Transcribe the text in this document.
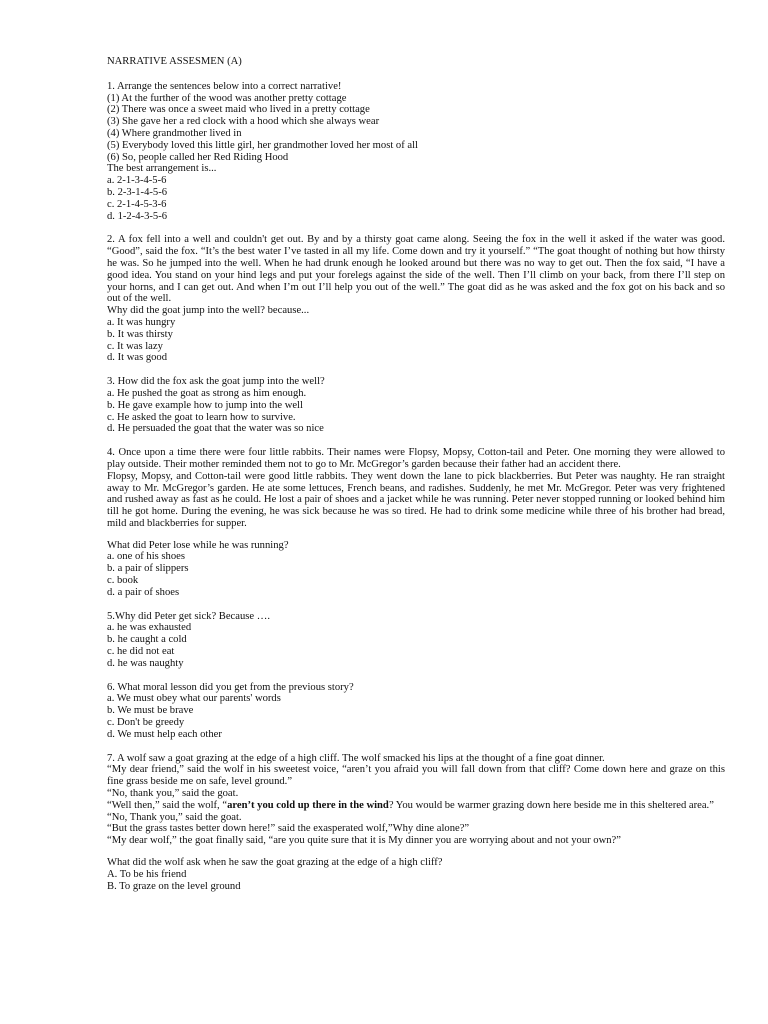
NARRATIVE ASSESMEN (A)
1. Arrange the sentences below into a correct narrative!
(1) At the further of the wood was another pretty cottage
(2) There was once a sweet maid who lived in a pretty cottage
(3) She gave her a red clock with a hood which she always wear
(4) Where grandmother lived in
(5) Everybody loved this little girl, her grandmother loved her most of all
(6) So, people called her Red Riding Hood
The best arrangement is...
a. 2-1-3-4-5-6
b. 2-3-1-4-5-6
c. 2-1-4-5-3-6
d. 1-2-4-3-5-6
2. A fox fell into a well and couldn't get out. By and by a thirsty goat came along. Seeing the fox in the well it asked if the water was good. “Good”, said the fox. “It’s the best water I’ve tasted in all my life. Come down and try it yourself.” “The goat thought of nothing but how thirsty he was. So he jumped into the well. When he had drunk enough he looked around but there was no way to get out. Then the fox said, “I have a good idea. You stand on your hind legs and put your forelegs against the side of the well. Then I’ll climb on your back, from there I’ll step on your horns, and I can get out. And when I’m out I’ll help you out of the well.” The goat did as he was asked and the fox got on his back and so out of the well.
Why did the goat jump into the well? because...
a. It was hungry
b. It was thirsty
c. It was lazy
d. It was good
3. How did the fox ask the goat jump into the well?
a. He pushed the goat as strong as him enough.
b. He gave example how to jump into the well
c. He asked the goat to learn how to survive.
d. He persuaded the goat that the water was so nice
4. Once upon a time there were four little rabbits. Their names were Flopsy, Mopsy, Cotton-tail and Peter. One morning they were allowed to play outside. Their mother reminded them not to go to Mr. McGregor’s garden because their father had an accident there.
Flopsy, Mopsy, and Cotton-tail were good little rabbits. They went down the lane to pick blackberries. But Peter was naughty. He ran straight away to Mr. McGregor’s garden. He ate some lettuces, French beans, and radishes. Suddenly, he met Mr. McGregor. Peter was very frightened and rushed away as fast as he could. He lost a pair of shoes and a jacket while he was running. Peter never stopped running or looked behind him till he got home. During the evening, he was sick because he was so tired. He had to drink some medicine while three of his brother had bread, mild and blackberries for supper.
What did Peter lose while he was running?
a. one of his shoes
b. a pair of slippers
c. book
d. a pair of shoes
5.Why did Peter get sick? Because ….
a. he was exhausted
b. he caught a cold
c. he did not eat
d. he was naughty
6. What moral lesson did you get from the previous story?
a. We must obey what our parents' words
b. We must be brave
c. Don't be greedy
d. We must help each other
7. A wolf saw a goat grazing at the edge of a high cliff. The wolf smacked his lips at the thought of a fine goat dinner.
“My dear friend,” said the wolf in his sweetest voice, “aren’t you afraid you will fall down from that cliff? Come down here and graze on this fine grass beside me on safe, level ground.”
“No, thank you,” said the goat.
“Well then,” said the wolf, “aren’t you cold up there in the wind? You would be warmer grazing down here beside me in this sheltered area.”
“No, Thank you,” said the goat.
“But the grass tastes better down here!” said the exasperated wolf,”Why dine alone?”
“My dear wolf,” the goat finally said, “are you quite sure that it is My dinner you are worrying about and not your own?”
What did the wolf ask when he saw the goat grazing at the edge of a high cliff?
A. To be his friend
B. To graze on the level ground
